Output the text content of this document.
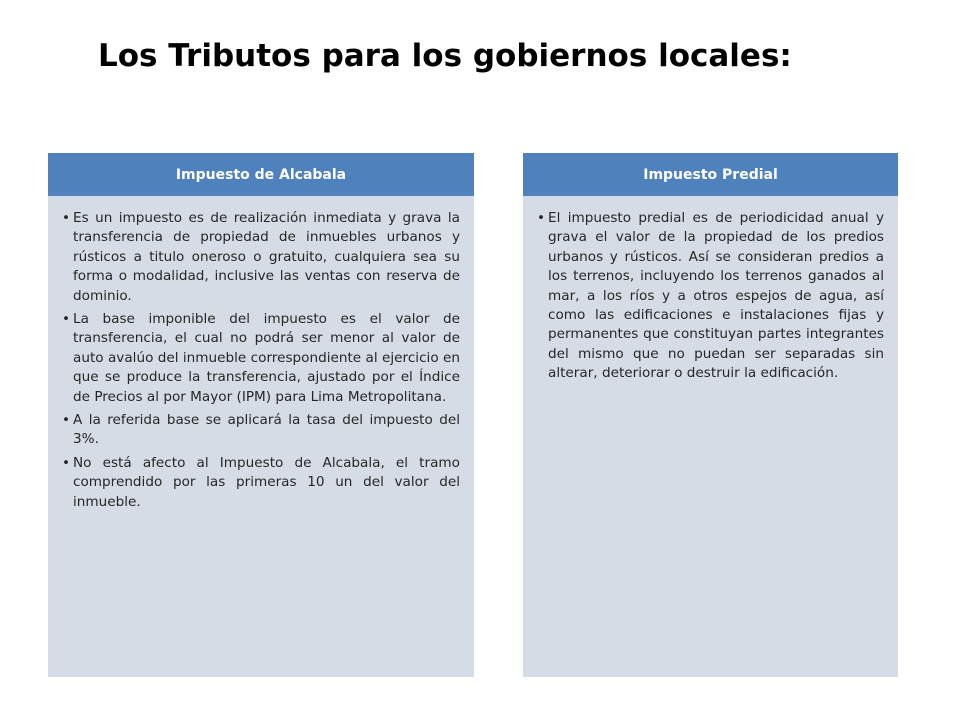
Los Tributos para los gobiernos locales:
Impuesto de Alcabala
• Es un impuesto es de realización inmediata y grava la transferencia de propiedad de inmuebles urbanos y rústicos a titulo oneroso o gratuito, cualquiera sea su forma o modalidad, inclusive las ventas con reserva de dominio.
• La base imponible del impuesto es el valor de transferencia, el cual no podrá ser menor al valor de auto avalúo del inmueble correspondiente al ejercicio en que se produce la transferencia, ajustado por el Índice de Precios al por Mayor (IPM) para Lima Metropolitana.
• A la referida base se aplicará la tasa del impuesto del 3%.
• No está afecto al Impuesto de Alcabala, el tramo comprendido por las primeras 10 un del valor del inmueble.
Impuesto Predial
• El impuesto predial es de periodicidad anual y grava el valor de la propiedad de los predios urbanos y rústicos. Así se consideran predios a los terrenos, incluyendo los terrenos ganados al mar, a los ríos y a otros espejos de agua, así como las edificaciones e instalaciones fijas y permanentes que constituyan partes integrantes del mismo que no puedan ser separadas sin alterar, deteriorar o destruir la edificación.
